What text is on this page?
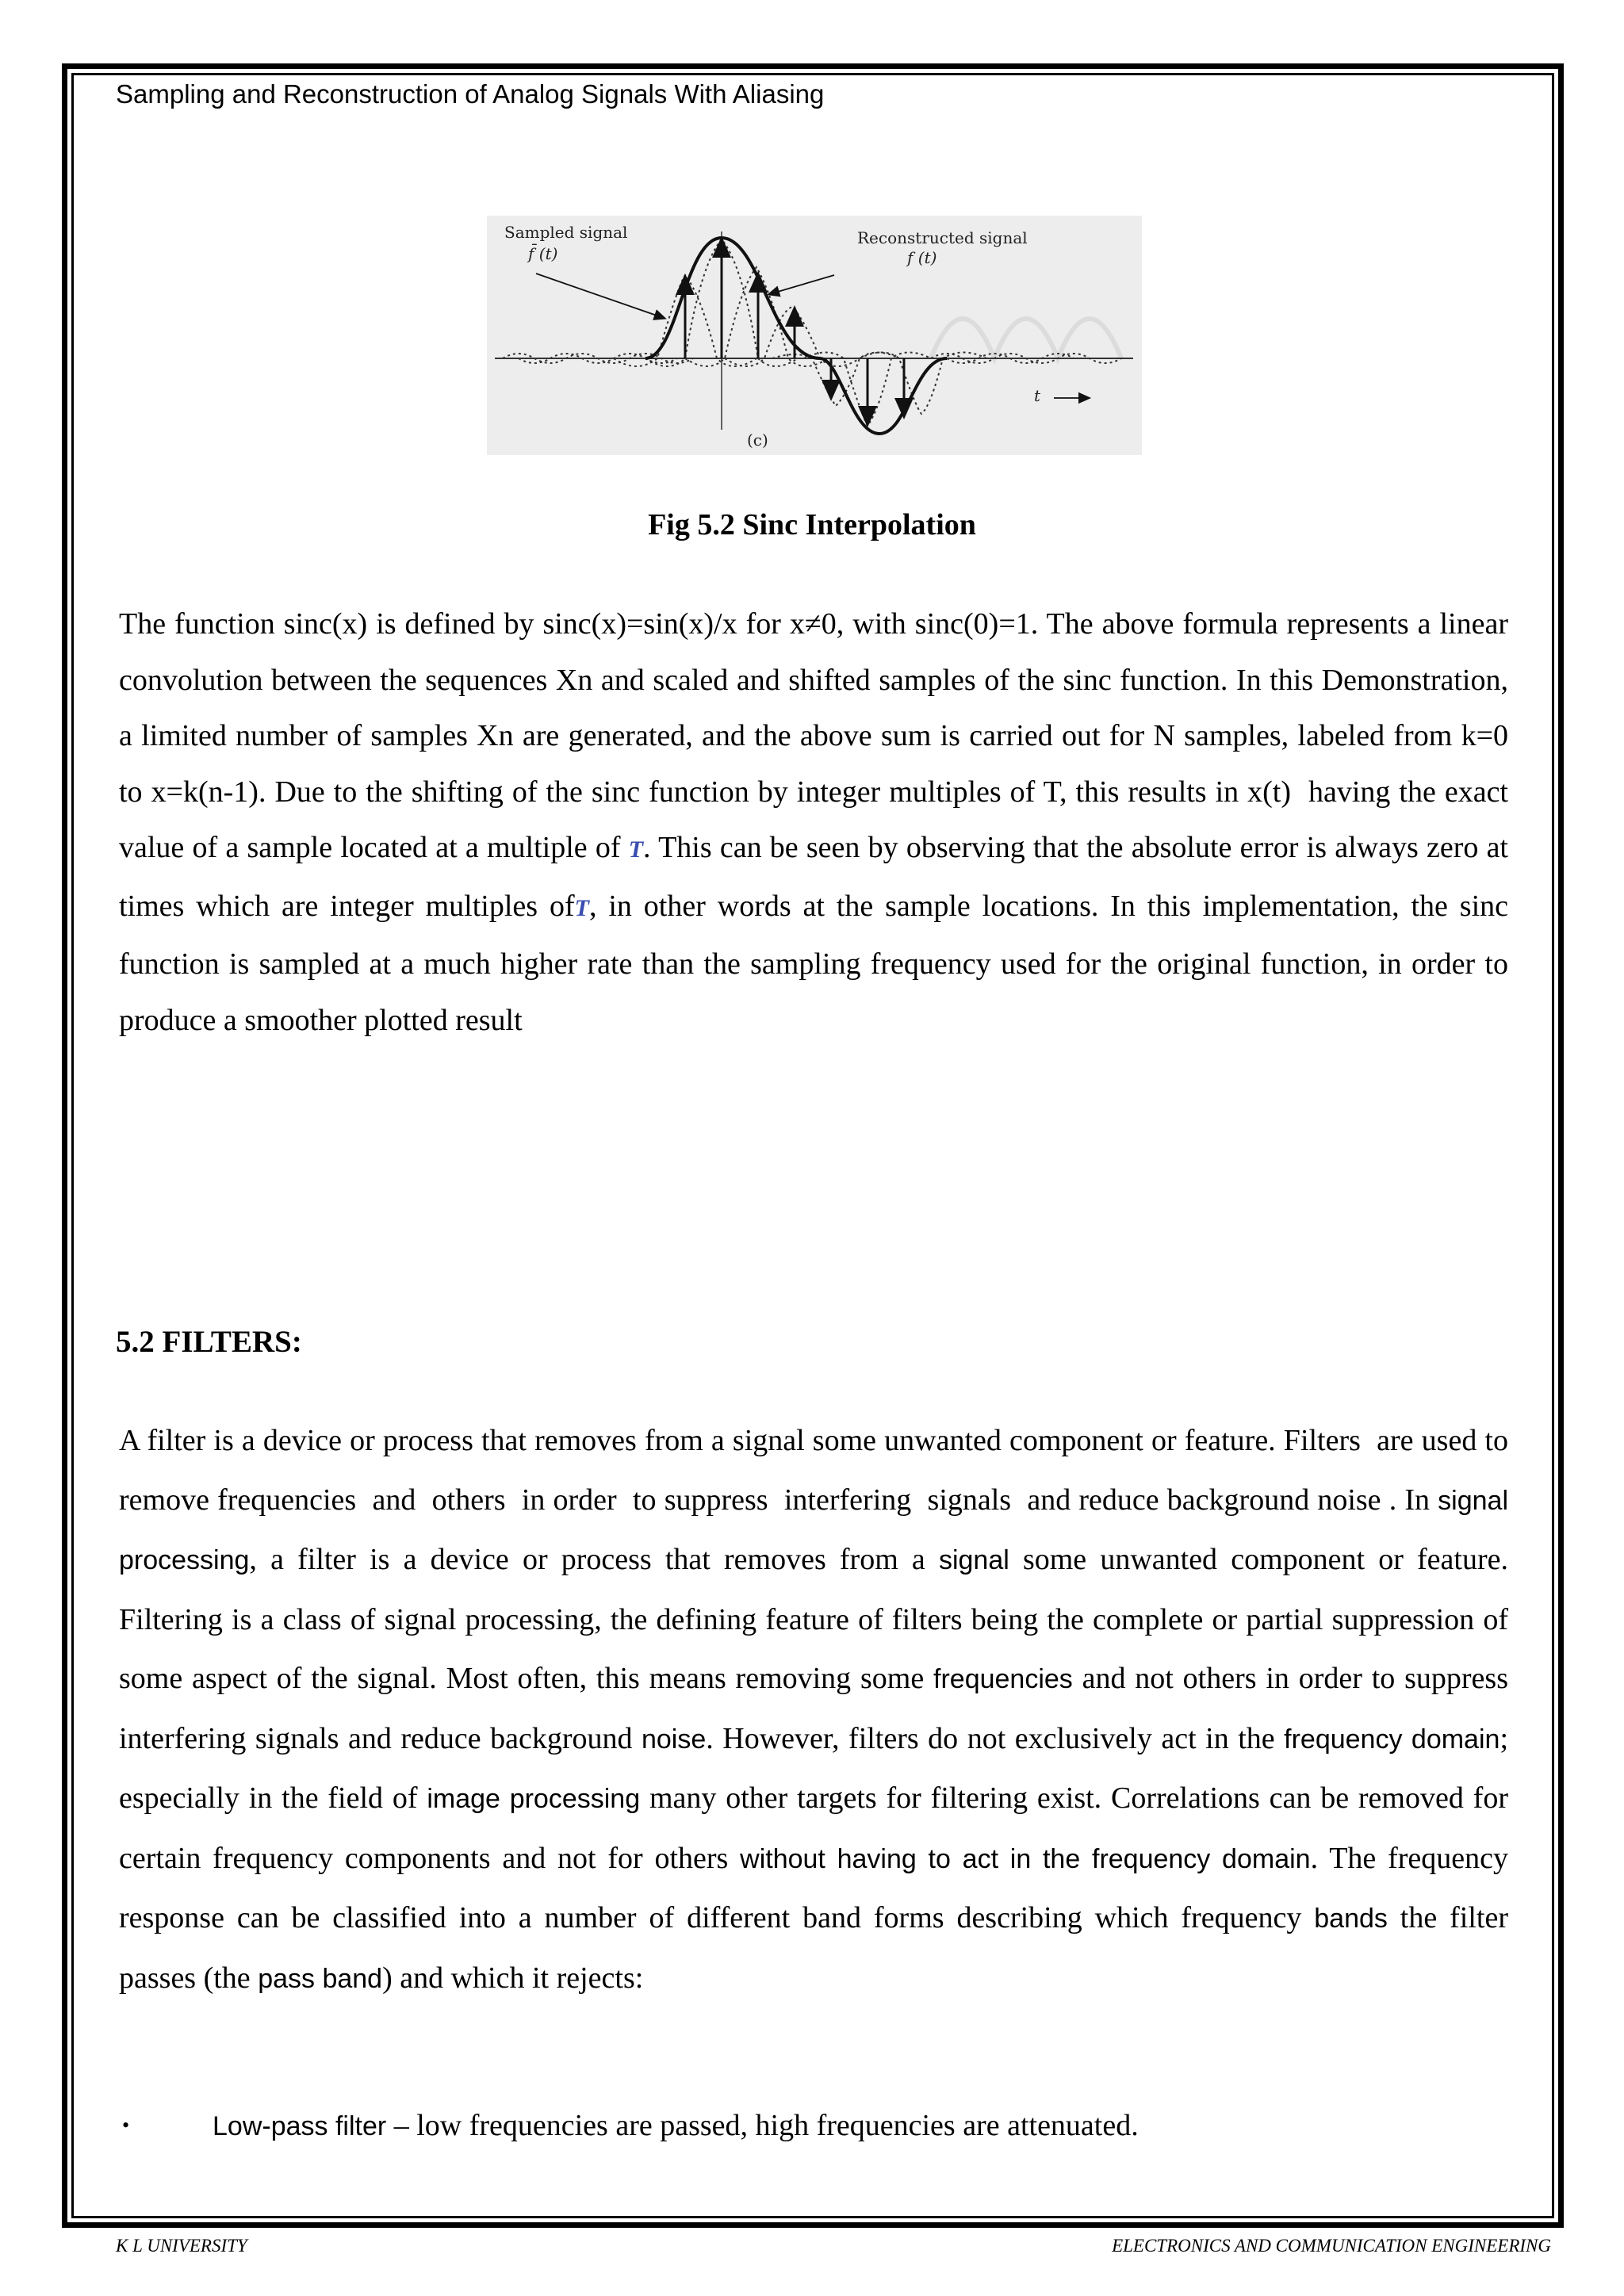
Sampling and Reconstruction of Analog Signals With Aliasing
Sampled signal
f̄ (t)
Reconstructed signal
f (t)
t
(c)
Fig 5.2 Sinc Interpolation

The function sinc(x) is defined by sinc(x)=sin(x)/x for x≠0, with sinc(0)=1. The above formula represents a linear convolution between the sequences Xn and scaled and shifted samples of the sinc function. In this Demonstration, a limited number of samples Xn are generated, and the above sum is carried out for N samples, labeled from k=0 to x=k(n-1). Due to the shifting of the sinc function by integer multiples of T, this results in x(t)  having the exact value of a sample located at a multiple of T. This can be seen by observing that the absolute error is always zero at times which are integer multiples ofT, in other words at the sample locations. In this implementation, the sinc function is sampled at a much higher rate than the sampling frequency used for the original function, in order to produce a smoother plotted result

5.2 FILTERS:

A filter is a device or process that removes from a signal some unwanted component or feature. Filters  are used to remove frequencies  and  others  in order  to suppress  interfering  signals  and reduce background noise . In signal processing, a filter is a device or process that removes from a signal some unwanted component or feature. Filtering is a class of signal processing, the defining feature of filters being the complete or partial suppression of some aspect of the signal. Most often, this means removing some frequencies and not others in order to suppress interfering signals and reduce background noise. However, filters do not exclusively act in the frequency domain; especially in the field of image processing many other targets for filtering exist. Correlations can be removed for certain frequency components and not for others without having to act in the frequency domain. The frequency response can be classified into a number of different band forms describing which frequency bands the filter passes (the pass band) and which it rejects:

•	Low-pass filter – low frequencies are passed, high frequencies are attenuated.
K L UNIVERSITY	ELECTRONICS AND COMMUNICATION ENGINEERING
